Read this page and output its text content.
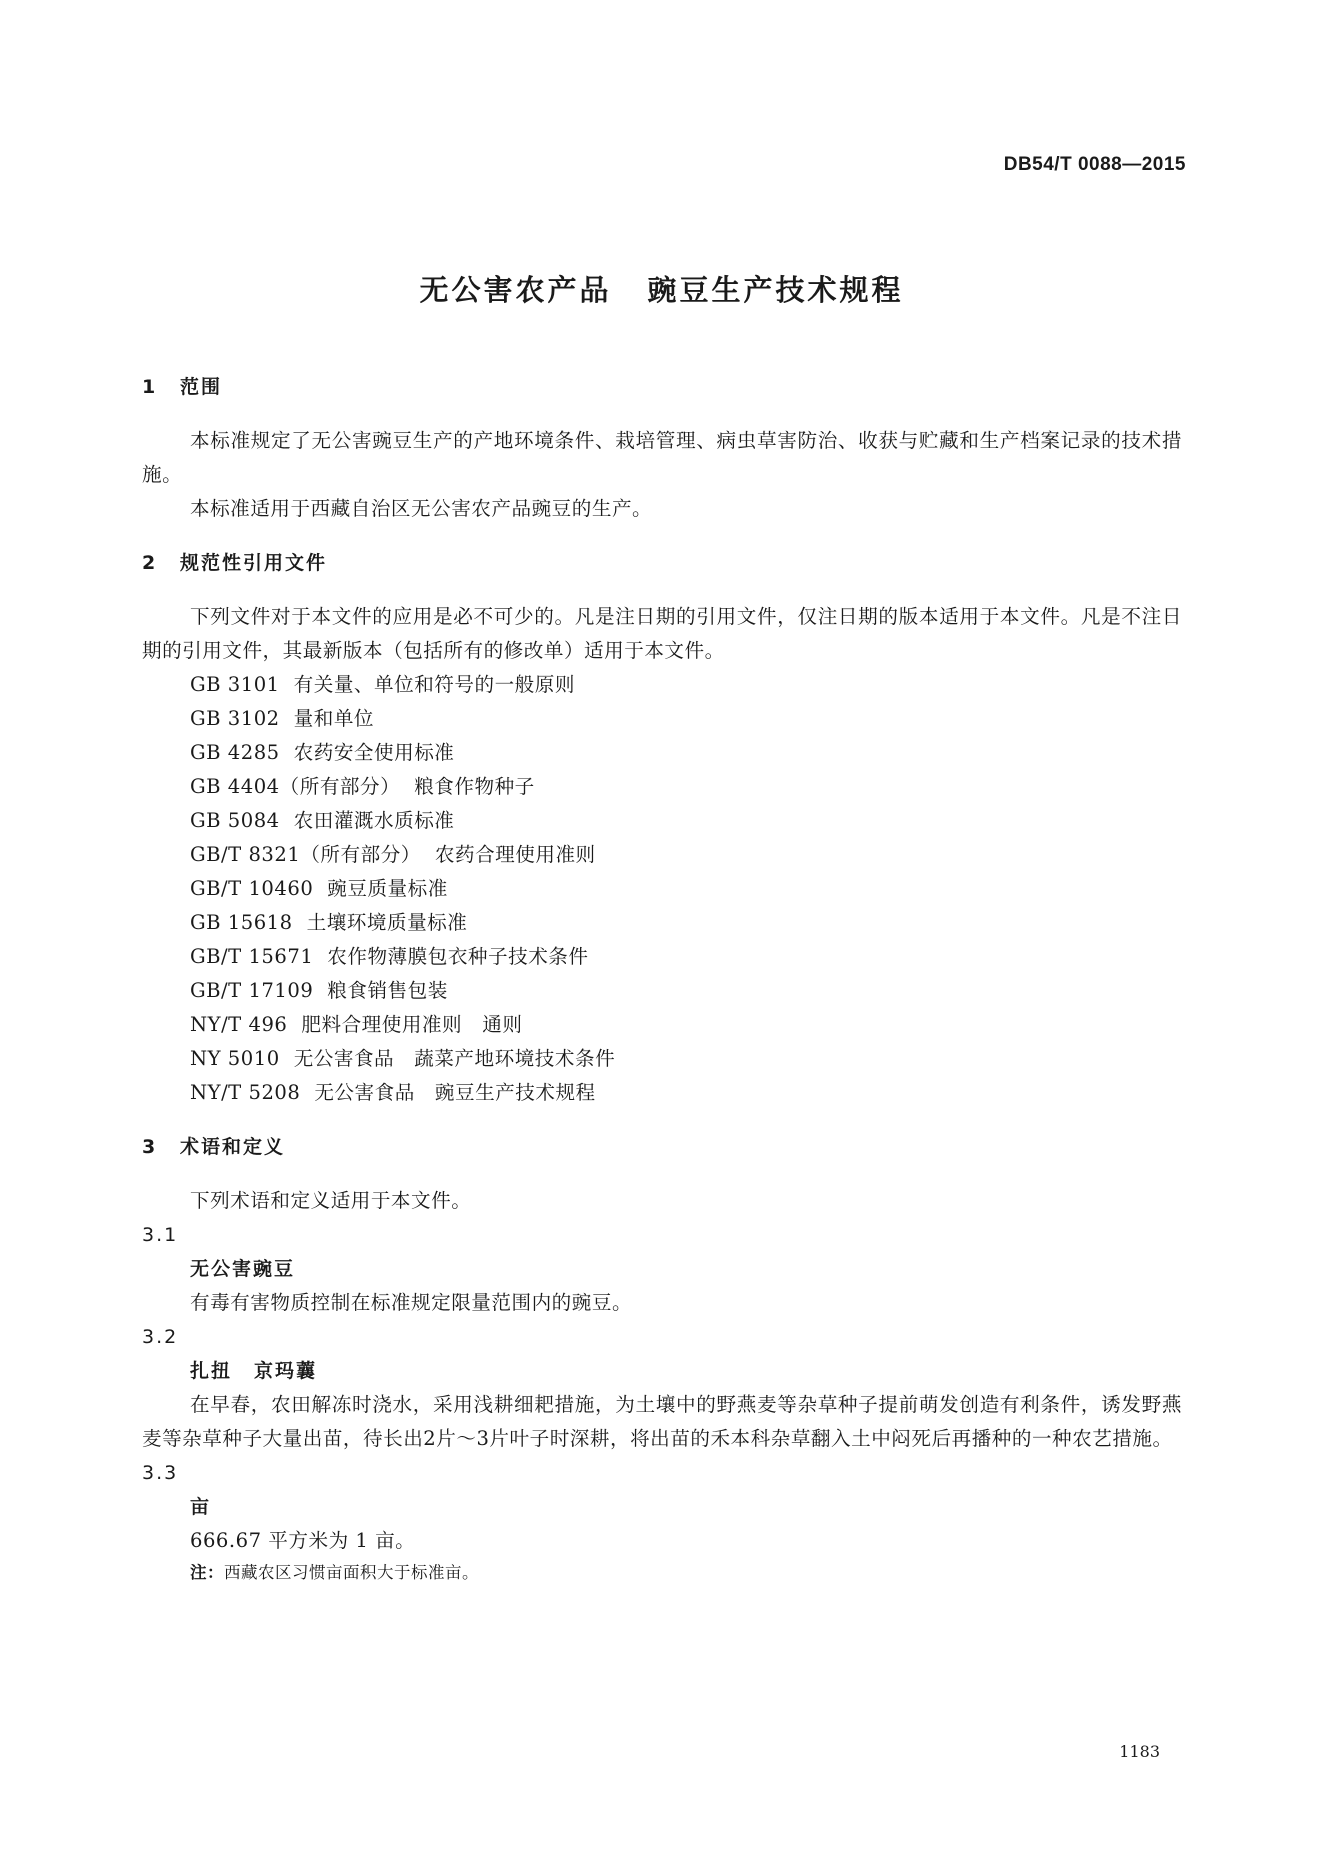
DB54/T 0088—2015
无公害农产品 豌豆生产技术规程
1 范围
本标准规定了无公害豌豆生产的产地环境条件、栽培管理、病虫草害防治、收获与贮藏和生产档案记录的技术措施。
本标准适用于西藏自治区无公害农产品豌豆的生产。
2 规范性引用文件
下列文件对于本文件的应用是必不可少的。凡是注日期的引用文件，仅注日期的版本适用于本文件。凡是不注日期的引用文件，其最新版本（包括所有的修改单）适用于本文件。
GB 3101 有关量、单位和符号的一般原则
GB 3102 量和单位
GB 4285 农药安全使用标准
GB 4404（所有部分） 粮食作物种子
GB 5084 农田灌溉水质标准
GB/T 8321（所有部分） 农药合理使用准则
GB/T 10460 豌豆质量标准
GB 15618 土壤环境质量标准
GB/T 15671 农作物薄膜包衣种子技术条件
GB/T 17109 粮食销售包装
NY/T 496 肥料合理使用准则　通则
NY 5010 无公害食品　蔬菜产地环境技术条件
NY/T 5208 无公害食品　豌豆生产技术规程
3 术语和定义
下列术语和定义适用于本文件。
3.1
无公害豌豆
有毒有害物质控制在标准规定限量范围内的豌豆。
3.2
扎扭 京玛蘘
在早春，农田解冻时浇水，采用浅耕细耙措施，为土壤中的野燕麦等杂草种子提前萌发创造有利条件，诱发野燕麦等杂草种子大量出苗，待长出2片～3片叶子时深耕，将出苗的禾本科杂草翻入土中闷死后再播种的一种农艺措施。
3.3
亩
666.67 平方米为 1 亩。
注：西藏农区习惯亩面积大于标准亩。
1183
